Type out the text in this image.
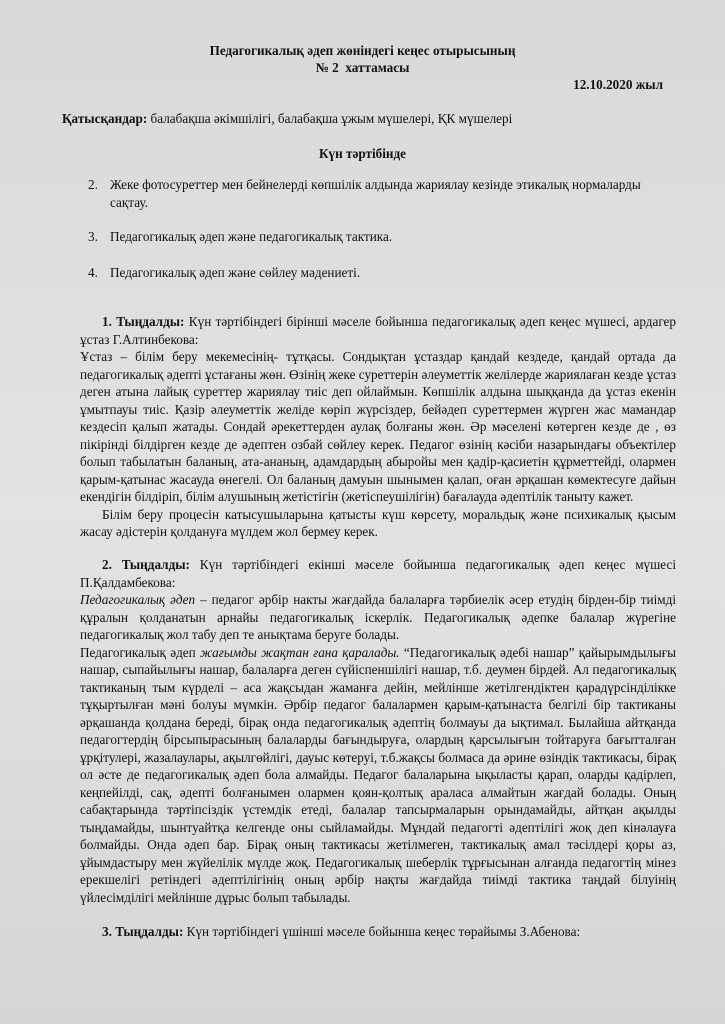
Педагогикалық әдеп жөніндегі кеңес отырысының
№ 2 хаттамасы
12.10.2020 жыл
Қатысқандар: балабақша әкімшілігі, балабақша ұжым мүшелері, ҚК мүшелері
Күн тәртібінде
2. Жеке фотосуреттер мен бейнелерді көпшілік алдында жариялау кезінде этикалық нормаларды сақтау.
3. Педагогикалық әдеп және педагогикалық тактика.
4. Педагогикалық әдеп және сөйлеу мәдениеті.

1. Тыңдалды: Күн тәртібіндегі бірінші мәселе бойынша педагогикалық әдеп кеңес мүшесі, ардагер ұстаз Г.Алтинбекова:

Ұстаз – білім беру мекемесінің- тұтқасы. Сондықтан ұстаздар қандай кездеде, қандай ортада да педагогикалық әдепті ұстағаны жөн. Өзінің жеке суреттерін әлеуметтік желілерде жариялаған кезде ұстаз деген атына лайық суреттер жариялау тиіс деп ойлаймын. Көпшілік алдына шыққанда да ұстаз екенін ұмытпауы тиіс. Қазір әлеуметтік желіде көріп жүрсіздер, бейәдеп суреттермен жүрген жас мамандар кездесіп қалып жатады. Сондай әрекеттерден аулақ болғаны жөн. Әр мәселені көтерген кезде де , өз пікірінді білдірген кезде де әдептен озбай сөйлеу керек. Педагог өзінің кәсіби назарындағы объектілер болып табылатын баланың, ата-ананың, адамдардың абыройы мен қадір-қасиетін құрметтейді, олармен қарым-қатынас жасауда өнегелі. Ол баланың дамуын шынымен қалап, оған әрқашан көмектесуге дайын екендігін білдіріп, білім алушының жетістігін (жетіспеушілігін) бағалауда әдептілік таныту кажет.

Білім беру процесін катысушыларына қатысты күш көрсету, моральдық және психикалық қысым жасау әдістерін қолдануға мүлдем жол бермеу керек.

2. Тыңдалды: Күн тәртібіндегі екінші мәселе бойынша педагогикалық әдеп кеңес мүшесі П.Қалдамбекова:

Педагогикалық әдеп – педагог әрбір накты жағдайда балаларға тәрбиелік әсер етудің бірден-бір тиімді құралын қолданатын арнайы педагогикалық іскерлік. Педагогикалық әдепке балалар жүрегіне педагогикалық жол табу деп те анықтама беруге болады.

Педагогикалық әдеп жағымды жақтан ғана қаралады. “Педагогикалық әдебі нашар” қайырымдылығы нашар, сыпайылығы нашар, балаларға деген сүйіспеншілігі нашар, т.б. деумен бірдей. Ал педагогикалық тактиканың тым күрделі – аса жақсыдан жаманға дейін, мейлінше жетілгендіктен қарадүрсінділікке тұқыртылған мәні болуы мүмкін. Әрбір педагог балалармен қарым-қатынаста белгілі бір тактиканы әрқашанда қолдана береді, бірақ онда педагогикалық әдептің болмауы да ықтимал. Былайша айтқанда педагогтердің бірсыпырасының балаларды бағындыруға, олардың қарсылығын тойтаруға бағытталған ұрқітулері, жазалаулары, ақылгөйлігі, дауыс көтеруі, т.б.жақсы болмаса да әрине өзіндік тактикасы, бірақ ол әсте де педагогикалық әдеп бола алмайды. Педагог балаларына ықыласты қарап, оларды қадірлеп, кеңпейілді, сақ, әдепті болғанымен олармен қоян-қолтық араласа алмайтын жағдай болады. Оның сабақтарында тәртіпсіздік үстемдік етеді, балалар тапсырмаларын орындамайды, айтқан ақылды тыңдамайды, шынтуайтқа келгенде оны сыйламайды. Мұндай педагогті әдептілігі жоқ деп кінәлауға болмайды. Онда әдеп бар. Бірақ оның тактикасы жетілмеген, тактикалық амал тәсілдері қоры аз, ұйымдастыру мен жүйелілік мүлде жоқ. Педагогикалық шеберлік тұрғысынан алғанда педагогтің мінез ерекшелігі ретіндегі әдептілігінің оның әрбір нақты жағдайда тиімді тактика таңдай білуінің үйлесімділігі мейлінше дұрыс болып табылады.

3. Тыңдалды: Күн тәртібіндегі үшінші мәселе бойынша кеңес төрайымы З.Абенова:
